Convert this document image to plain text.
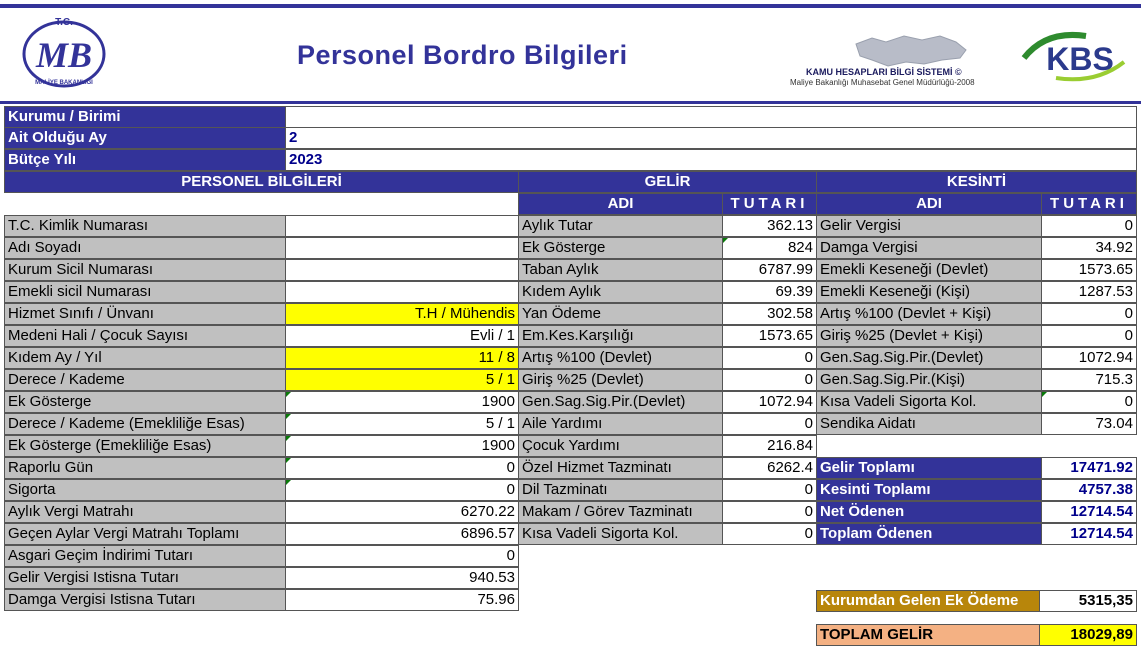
T.C.
MB
MALİYE BAKANLIĞI
Personel Bordro Bilgileri
KAMU HESAPLARI BİLGİ SİSTEMİ ©
Maliye Bakanlığı Muhasebat Genel Müdürlüğü-2008
KBS
Kurumu / Birimi
Ait Olduğu Ay	2
Bütçe Yılı	2023
PERSONEL BİLGİLERİ	GELİR	KESİNTİ
ADI	TUTARI	ADI	TUTARI
T.C. Kimlik Numarası
Adı Soyadı
Kurum Sicil Numarası
Emekli sicil Numarası
Hizmet Sınıfı / Ünvanı	T.H / Mühendis
Medeni Hali / Çocuk Sayısı	Evli / 1
Kıdem Ay / Yıl	11 / 8
Derece / Kademe	5 / 1
Ek Gösterge	1900
Derece / Kademe (Emekliliğe Esas)	5 / 1
Ek Gösterge (Emekliliğe Esas)	1900
Raporlu Gün	0
Sigorta	0
Aylık Vergi Matrahı	6270.22
Geçen Aylar Vergi Matrahı Toplamı	6896.57
Asgari Geçim İndirimi Tutarı	0
Gelir Vergisi Istisna Tutarı	940.53
Damga Vergisi Istisna Tutarı	75.96
Aylık Tutar	362.13
Ek Gösterge	824
Taban Aylık	6787.99
Kıdem Aylık	69.39
Yan Ödeme	302.58
Em.Kes.Karşılığı	1573.65
Artış %100 (Devlet)	0
Giriş %25 (Devlet)	0
Gen.Sag.Sig.Pir.(Devlet)	1072.94
Aile Yardımı	0
Çocuk Yardımı	216.84
Özel Hizmet Tazminatı	6262.4
Dil Tazminatı	0
Makam / Görev Tazminatı	0
Kısa Vadeli Sigorta Kol.	0
Gelir Vergisi	0
Damga Vergisi	34.92
Emekli Keseneği (Devlet)	1573.65
Emekli Keseneği (Kişi)	1287.53
Artış %100 (Devlet + Kişi)	0
Giriş %25 (Devlet + Kişi)	0
Gen.Sag.Sig.Pir.(Devlet)	1072.94
Gen.Sag.Sig.Pir.(Kişi)	715.3
Kısa Vadeli Sigorta Kol.	0
Sendika Aidatı	73.04
Gelir Toplamı	17471.92
Kesinti Toplamı	4757.38
Net Ödenen	12714.54
Toplam Ödenen	12714.54
Kurumdan Gelen Ek Ödeme	5315,35
TOPLAM GELİR	18029,89
